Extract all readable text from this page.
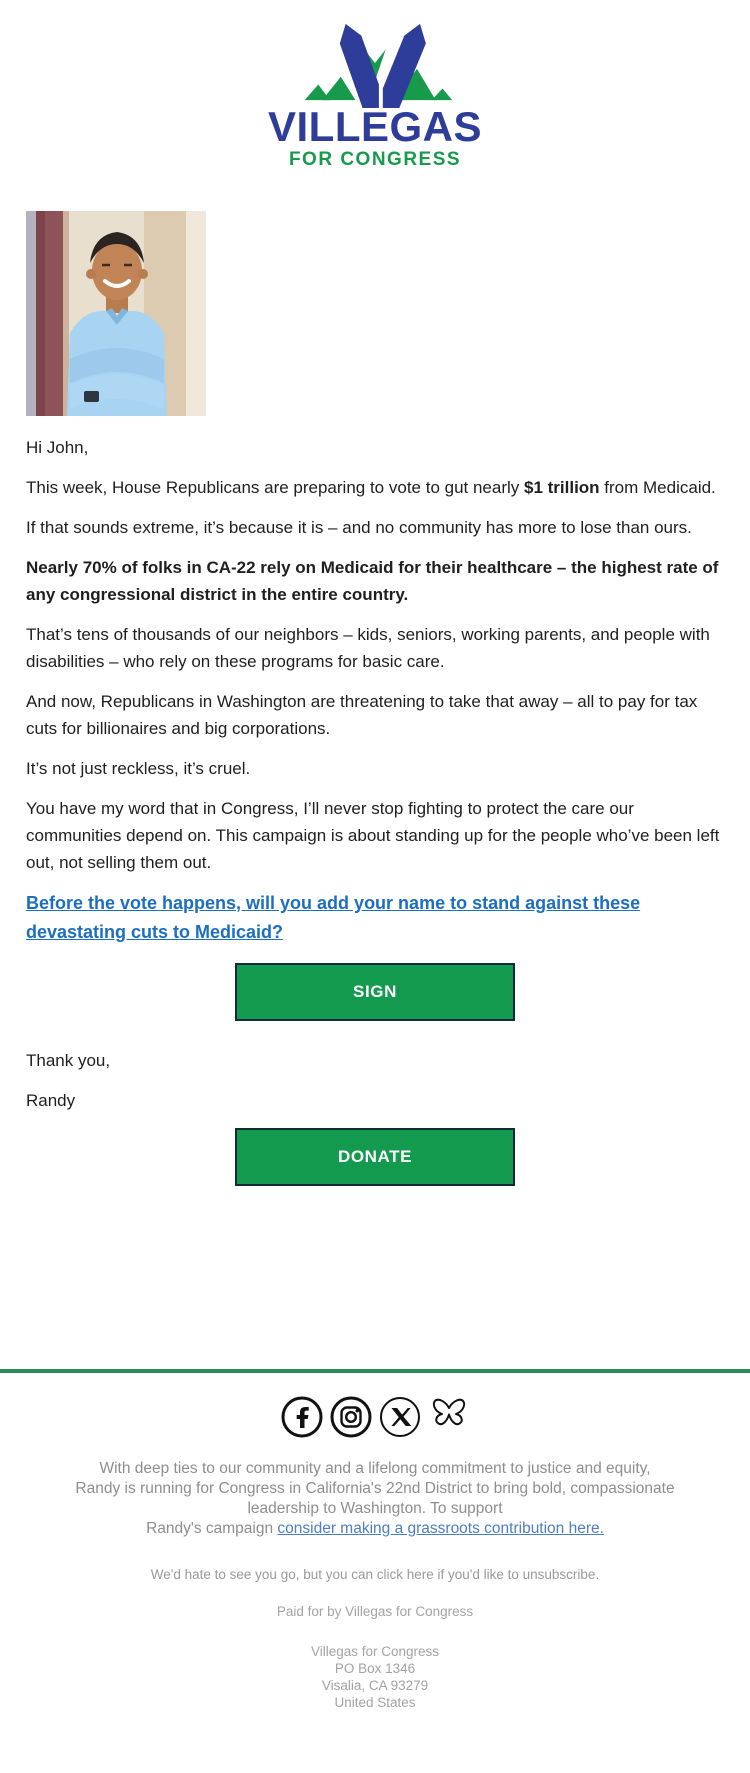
VILLEGAS
FOR CONGRESS

Hi John,

This week, House Republicans are preparing to vote to gut nearly $1 trillion from Medicaid.

If that sounds extreme, it’s because it is – and no community has more to lose than ours.

Nearly 70% of folks in CA-22 rely on Medicaid for their healthcare – the highest rate of any congressional district in the entire country.

That’s tens of thousands of our neighbors – kids, seniors, working parents, and people with disabilities – who rely on these programs for basic care.

And now, Republicans in Washington are threatening to take that away – all to pay for tax cuts for billionaires and big corporations.

It’s not just reckless, it’s cruel.

You have my word that in Congress, I’ll never stop fighting to protect the care our communities depend on. This campaign is about standing up for the people who’ve been left out, not selling them out.

Before the vote happens, will you add your name to stand against these devastating cuts to Medicaid?
SIGN

Thank you,

Randy

DONATE
With deep ties to our community and a lifelong commitment to justice and equity, Randy is running for Congress in California's 22nd District to bring bold, compassionate leadership to Washington. To support
Randy's campaign consider making a grassroots contribution here.
We'd hate to see you go, but you can click here if you'd like to unsubscribe.
Paid for by Villegas for Congress
Villegas for Congress
PO Box 1346
Visalia, CA 93279
United States
